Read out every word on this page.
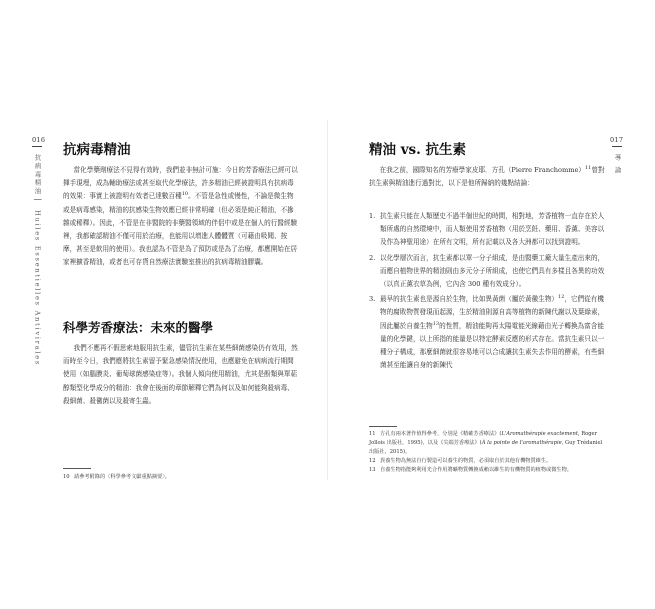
016
抗病毒精油 ▏ Huiles Essentielles Antivirales
抗病毒精油
當化學藥劑療法不見得有效時，我們並非無計可施：今日的芳香療法已經可以揮手現埋，成為輔助療法或甚至取代化學療法，許多精油已經被證明具有抗病毒的效果：事實上被證明有效者已達數百種$^{10}$。不管是急性或慢性，不論是微生物或是病毒感染，精油的抗感染生物效應已經非常明確（但必須是純正精油，不摻雜或稀釋）。因此，不管是在非醫院的非藥醫領域的伴侶中或是在個人的行醫經驗裡，我都確認精油不僅可用於治療，也能用以增進人體體質（可藉由吸聞、按摩，甚至是飲用的使用）。我也認為不管是為了預防或是為了治療，都應開始在居家裡擴香精油，或者也可存貨自然療法實驗室推出的抗病毒精油膠囊。
科學芳香療法：未來的醫學
我們不應再不假思索地服用抗生素，儘管抗生素在某些細菌感染仍有效用，然而時至今日，我們應將抗生素留予緊急感染情況使用，也應避免在病病流行期間使用（如腦膜炎、葡萄球菌感染症等）。我個人傾向使用精油，尤其是酚類與單萜醇類型化學成分的精油：我會在後面的章節解釋它們為何以及如何能夠殺病毒、殺細菌、殺黴菌以及殺寄生蟲。
10 請參考附錄的〈科學參考文獻重點摘要〉。
017
導 論
精油 vs. 抗生素
在我之前，國際知名的芳療學家皮耶．方孔（Pierre Franchomme）$^{11}$曾對抗生素與精油進行過對比，以下是他所歸納的幾點結論：
1. 抗生素只能在人類歷史不過半個世紀的時間，相對地，芳香植物一直存在於人類所處的自然環境中，而人類使用芳香植物（用於烹飪、藥用、香薰、美容以及作為神聖用途）在所有文明，所有記載以及各大洲都可以找到證明。
2. 以化學層次而言，抗生素都以單一分子組成，是由醫藥工廠大量生產出來的，而應自植物世界的精油則由多元分子所組成，也使它們具有多樣且各異的功效（以真正薰衣草為例，它內含 300 種有效成分）。
3. 最早的抗生素也是源自於生物，比如異黃菌（屬於黃黴生物）$^{12}$，它們從有機物的腐敗物質發現而起源，生於精油則源自高等植物的新陳代謝以及葉綠素，因此屬於自養生物$^{13}$的性質，精油能夠再太陽電能光線藉由光子轉換為富含能量的化學鍵，以上所指的能量是以特定酵素反應的形式存在。當抗生素只以一種分子構成，那麼細菌就很容易地可以合成讓抗生素失去作用的酵素，有些細菌甚至能讓自身的新陳代
11 方孔有兩本著作值得參考，分別是《精確芳香療法》(L'Aromathérapie exactement, Roger Jollois 出版社，1995)，以及《尖端芳香療法》(À la pointe de l'aromathérapie, Guy Trédaniel 出版社，2015)。
12 異養生物為無法自行製造可以養生的物質，必須取自於其他有機物質維生。
13 自養生物指能夠利用光合作用將礦物質轉換成賴以維生的有機物質的植物或微生物。
